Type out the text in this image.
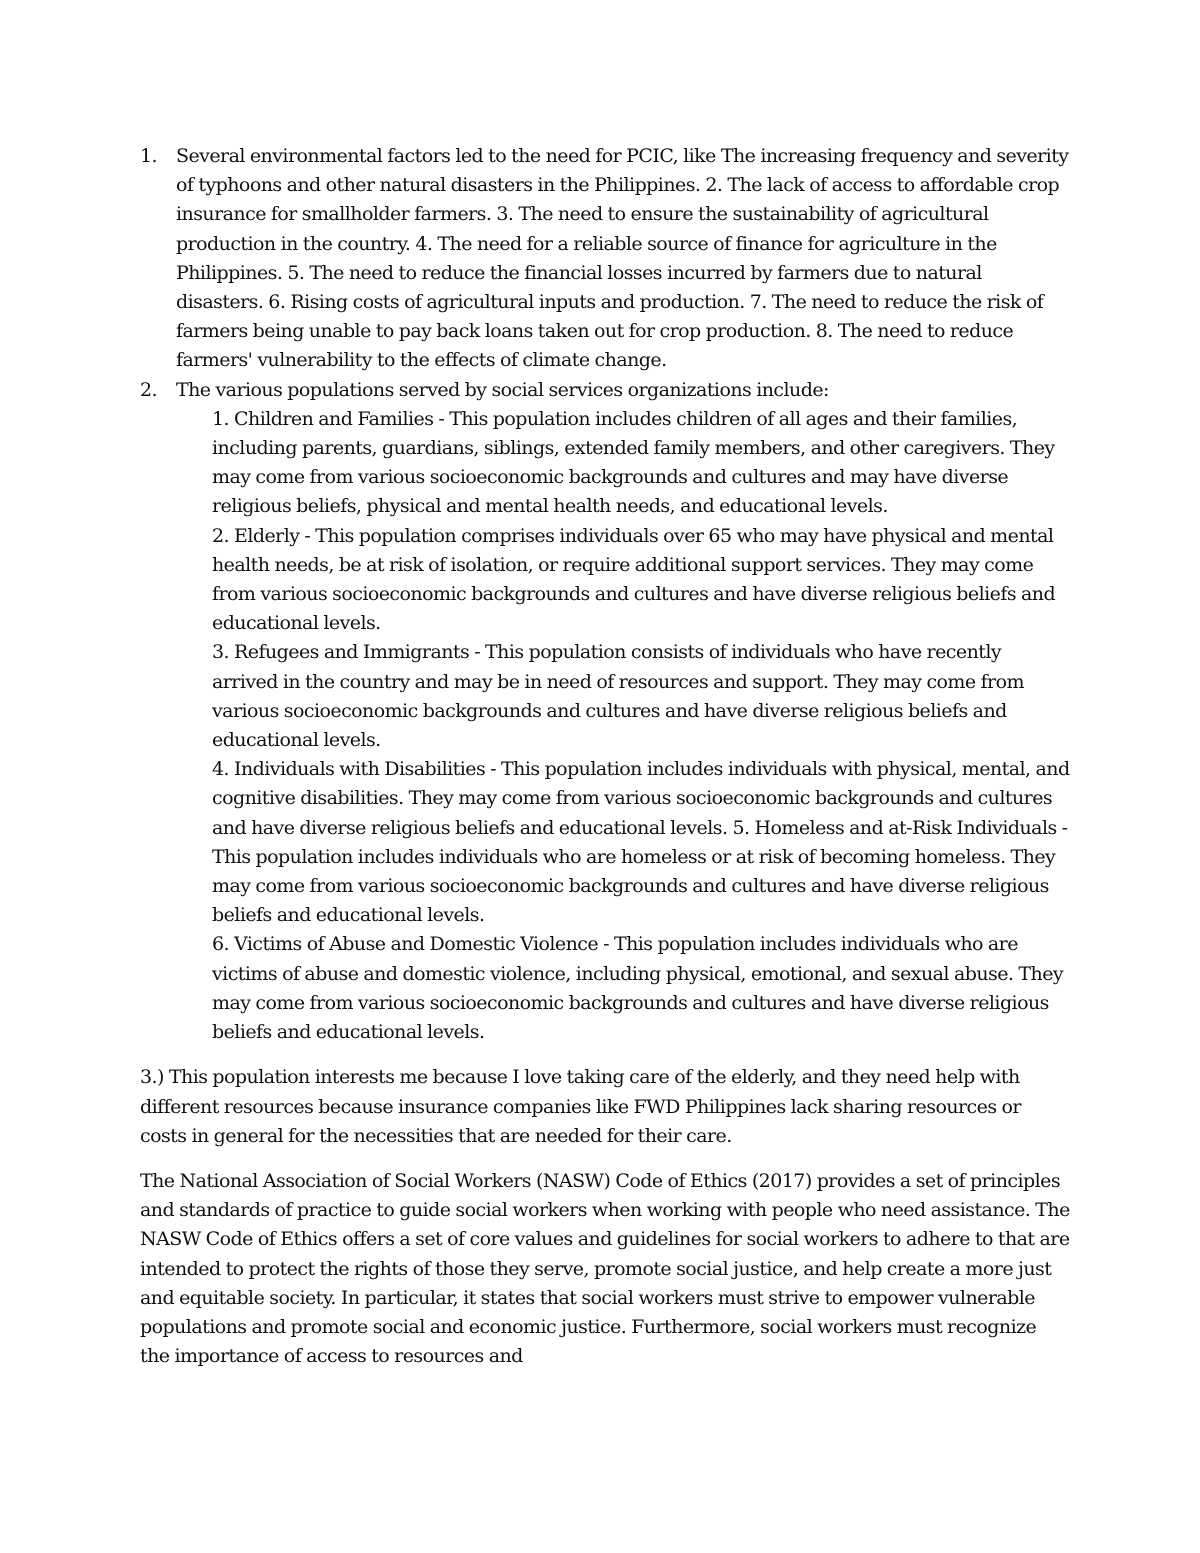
1. Several environmental factors led to the need for PCIC, like The increasing frequency and severity of typhoons and other natural disasters in the Philippines. 2. The lack of access to affordable crop insurance for smallholder farmers. 3. The need to ensure the sustainability of agricultural production in the country. 4. The need for a reliable source of finance for agriculture in the Philippines. 5. The need to reduce the financial losses incurred by farmers due to natural disasters. 6. Rising costs of agricultural inputs and production. 7. The need to reduce the risk of farmers being unable to pay back loans taken out for crop production. 8. The need to reduce farmers' vulnerability to the effects of climate change.

2. The various populations served by social services organizations include:

1. Children and Families - This population includes children of all ages and their families, including parents, guardians, siblings, extended family members, and other caregivers. They may come from various socioeconomic backgrounds and cultures and may have diverse religious beliefs, physical and mental health needs, and educational levels.

2. Elderly - This population comprises individuals over 65 who may have physical and mental health needs, be at risk of isolation, or require additional support services. They may come from various socioeconomic backgrounds and cultures and have diverse religious beliefs and educational levels.

3. Refugees and Immigrants - This population consists of individuals who have recently arrived in the country and may be in need of resources and support. They may come from various socioeconomic backgrounds and cultures and have diverse religious beliefs and educational levels.

4. Individuals with Disabilities - This population includes individuals with physical, mental, and cognitive disabilities. They may come from various socioeconomic backgrounds and cultures and have diverse religious beliefs and educational levels. 5. Homeless and at-Risk Individuals - This population includes individuals who are homeless or at risk of becoming homeless. They may come from various socioeconomic backgrounds and cultures and have diverse religious beliefs and educational levels.

6. Victims of Abuse and Domestic Violence - This population includes individuals who are victims of abuse and domestic violence, including physical, emotional, and sexual abuse. They may come from various socioeconomic backgrounds and cultures and have diverse religious beliefs and educational levels.

3.) This population interests me because I love taking care of the elderly, and they need help with different resources because insurance companies like FWD Philippines lack sharing resources or costs in general for the necessities that are needed for their care.

The National Association of Social Workers (NASW) Code of Ethics (2017) provides a set of principles and standards of practice to guide social workers when working with people who need assistance. The NASW Code of Ethics offers a set of core values and guidelines for social workers to adhere to that are intended to protect the rights of those they serve, promote social justice, and help create a more just and equitable society. In particular, it states that social workers must strive to empower vulnerable populations and promote social and economic justice. Furthermore, social workers must recognize the importance of access to resources and
